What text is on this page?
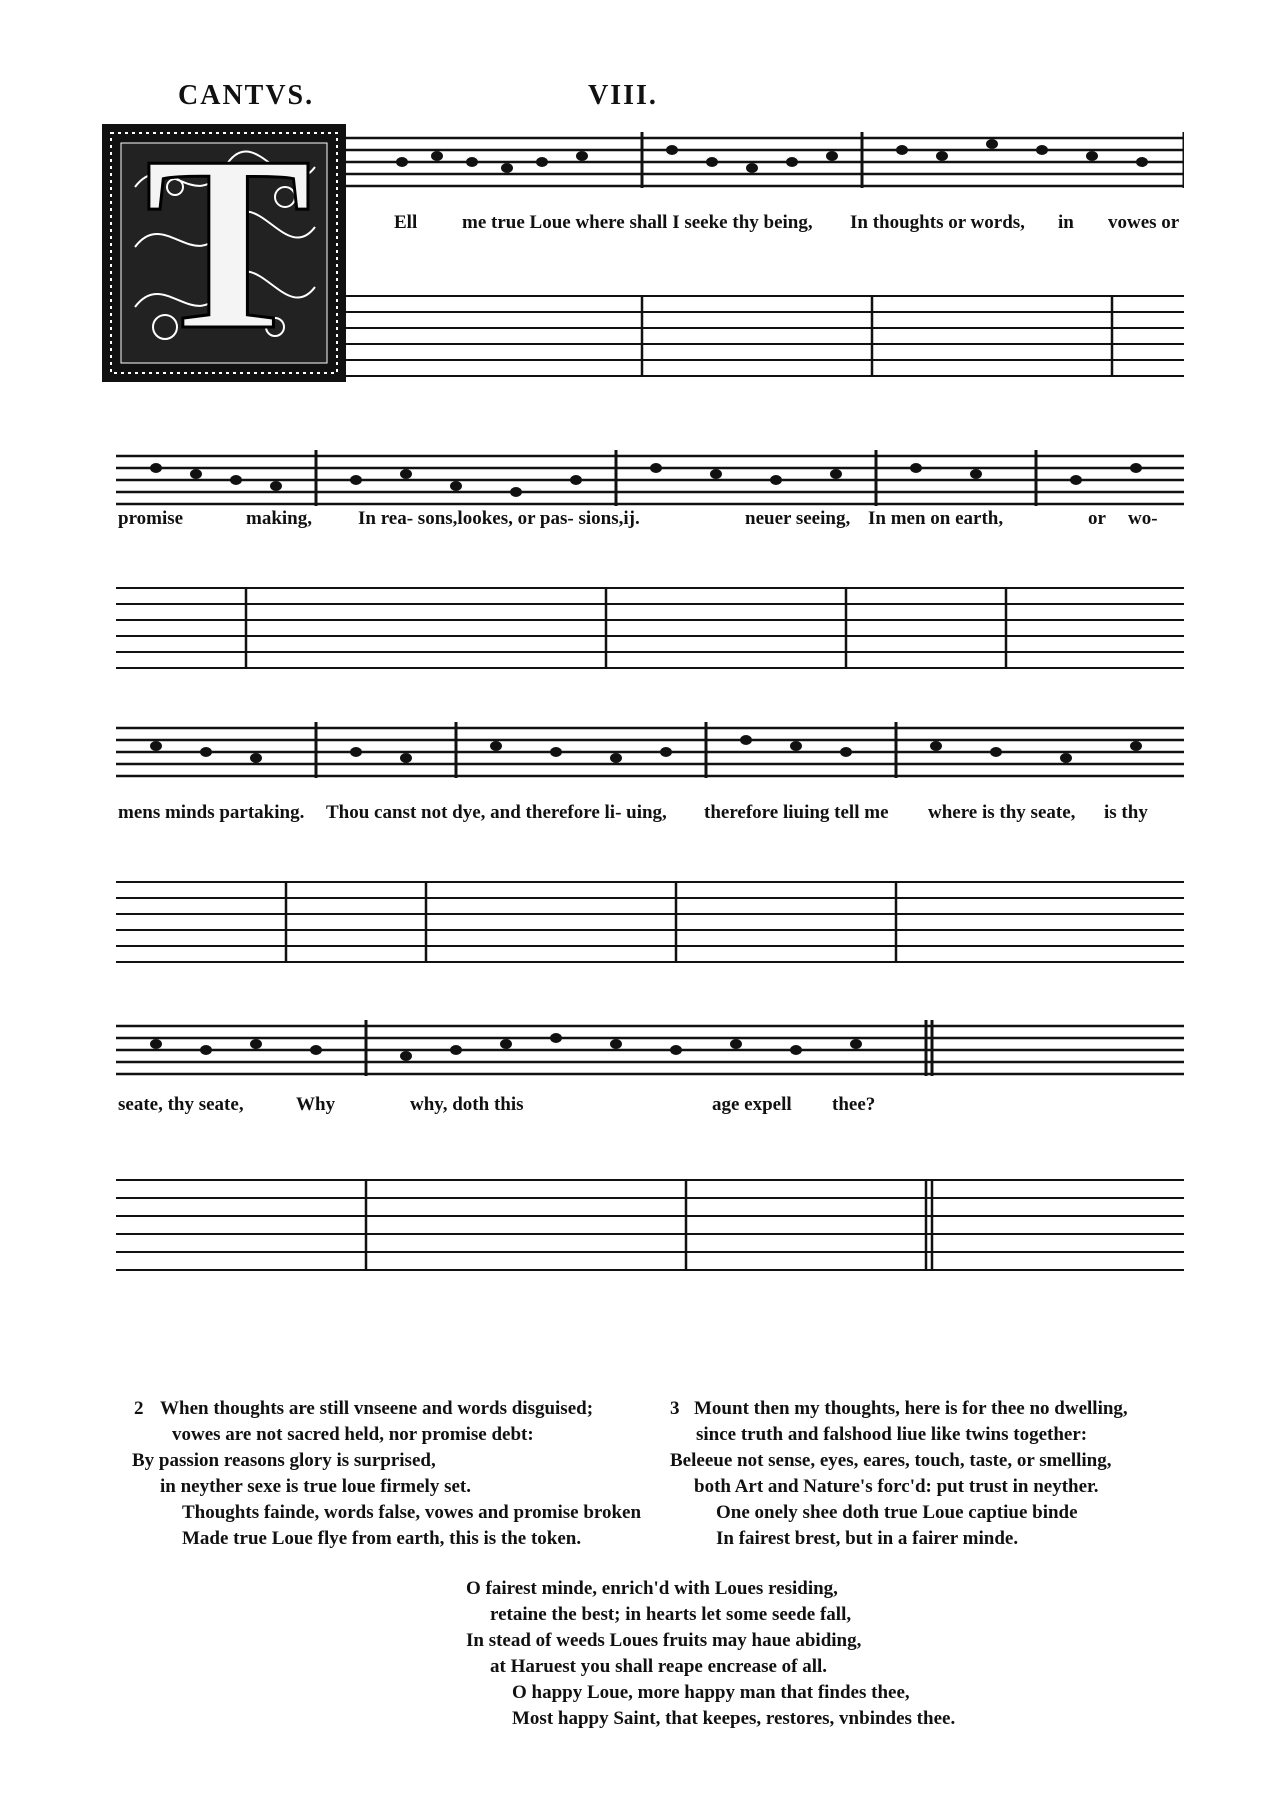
CANTVS.	VIII.
T	Ell me true Loue where shall I seeke thy being, In thoughts or words, in vowes or
promise	making, In rea- sons,lookes, or pas- sions,ij.	neuer seeing, In men on earth,	or wo-
mens minds partaking. Thou canst not dye, and therefore li- uing, therefore liuing tell me where is thy seate, is thy
seate, thy seate,	Why	why, doth this	age expell thee?
2 When thoughts are still vnseene and words disguised;
vowes are not sacred held, nor promise debt:
By passion reasons glory is surprised,
in neyther sexe is true loue firmely set.
Thoughts fainde, words false, vowes and promise broken
Made true Loue flye from earth, this is the token.
3 Mount then my thoughts, here is for thee no dwelling,
since truth and falshood liue like twins together:
Beleeue not sense, eyes, eares, touch, taste, or smelling,
both Art and Nature's forc'd: put trust in neyther.
One onely shee doth true Loue captiue binde
In fairest brest, but in a fairer minde.
O fairest minde, enrich'd with Loues residing,
retaine the best; in hearts let some seede fall,
In stead of weeds Loues fruits may haue abiding,
at Haruest you shall reape encrease of all.
O happy Loue, more happy man that findes thee,
Most happy Saint, that keepes, restores, vnbindes thee.
